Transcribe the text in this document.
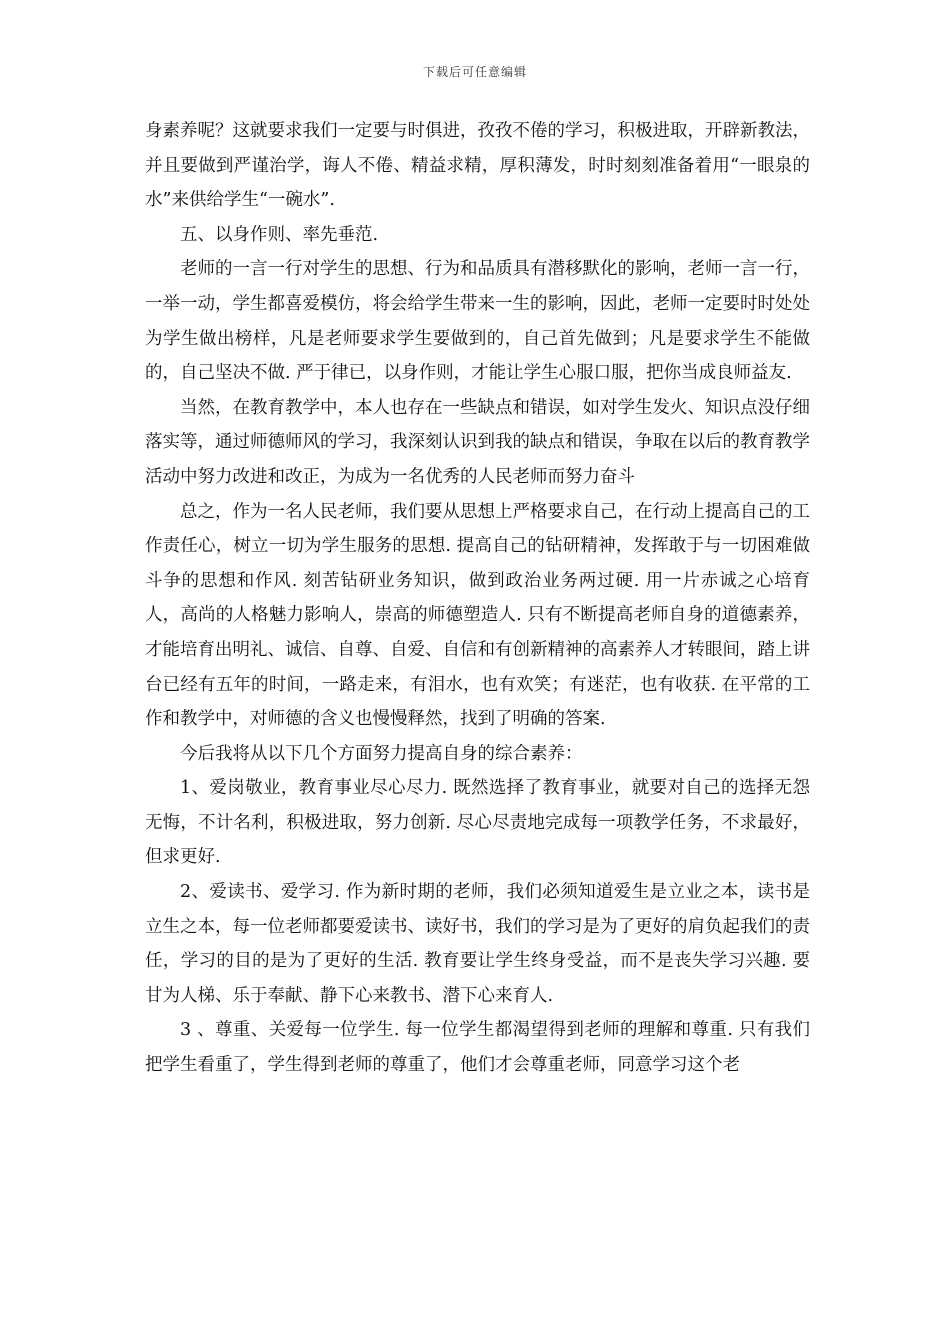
下载后可任意编辑

身素养呢？这就要求我们一定要与时俱进，孜孜不倦的学习，积极进取，开辟新教法，并且要做到严谨治学，诲人不倦、精益求精，厚积薄发，时时刻刻准备着用“一眼泉的水”来供给学生“一碗水”.

五、以身作则、率先垂范.

老师的一言一行对学生的思想、行为和品质具有潜移默化的影响，老师一言一行，一举一动，学生都喜爱模仿，将会给学生带来一生的影响，因此，老师一定要时时处处为学生做出榜样，凡是老师要求学生要做到的，自己首先做到；凡是要求学生不能做的，自己坚决不做. 严于律已，以身作则，才能让学生心服口服，把你当成良师益友.

当然，在教育教学中，本人也存在一些缺点和错误，如对学生发火、知识点没仔细落实等，通过师德师风的学习，我深刻认识到我的缺点和错误，争取在以后的教育教学活动中努力改进和改正，为成为一名优秀的人民老师而努力奋斗

总之，作为一名人民老师，我们要从思想上严格要求自己，在行动上提高自己的工作责任心，树立一切为学生服务的思想. 提高自己的钻研精神，发挥敢于与一切困难做斗争的思想和作风. 刻苦钻研业务知识，做到政治业务两过硬. 用一片赤诚之心培育人，高尚的人格魅力影响人，崇高的师德塑造人. 只有不断提高老师自身的道德素养，才能培育出明礼、诚信、自尊、自爱、自信和有创新精神的高素养人才转眼间，踏上讲台已经有五年的时间，一路走来，有泪水，也有欢笑；有迷茫，也有收获. 在平常的工作和教学中，对师德的含义也慢慢释然，找到了明确的答案.

今后我将从以下几个方面努力提高自身的综合素养：

1、爱岗敬业，教育事业尽心尽力. 既然选择了教育事业，就要对自己的选择无怨无悔，不计名利，积极进取，努力创新. 尽心尽责地完成每一项教学任务，不求最好，但求更好.

2、爱读书、爱学习. 作为新时期的老师，我们必须知道爱生是立业之本，读书是立生之本，每一位老师都要爱读书、读好书，我们的学习是为了更好的肩负起我们的责任，学习的目的是为了更好的生活. 教育要让学生终身受益，而不是丧失学习兴趣. 要甘为人梯、乐于奉献、静下心来教书、潜下心来育人.

3 、尊重、关爱每一位学生. 每一位学生都渴望得到老师的理解和尊重. 只有我们把学生看重了，学生得到老师的尊重了，他们才会尊重老师，同意学习这个老
